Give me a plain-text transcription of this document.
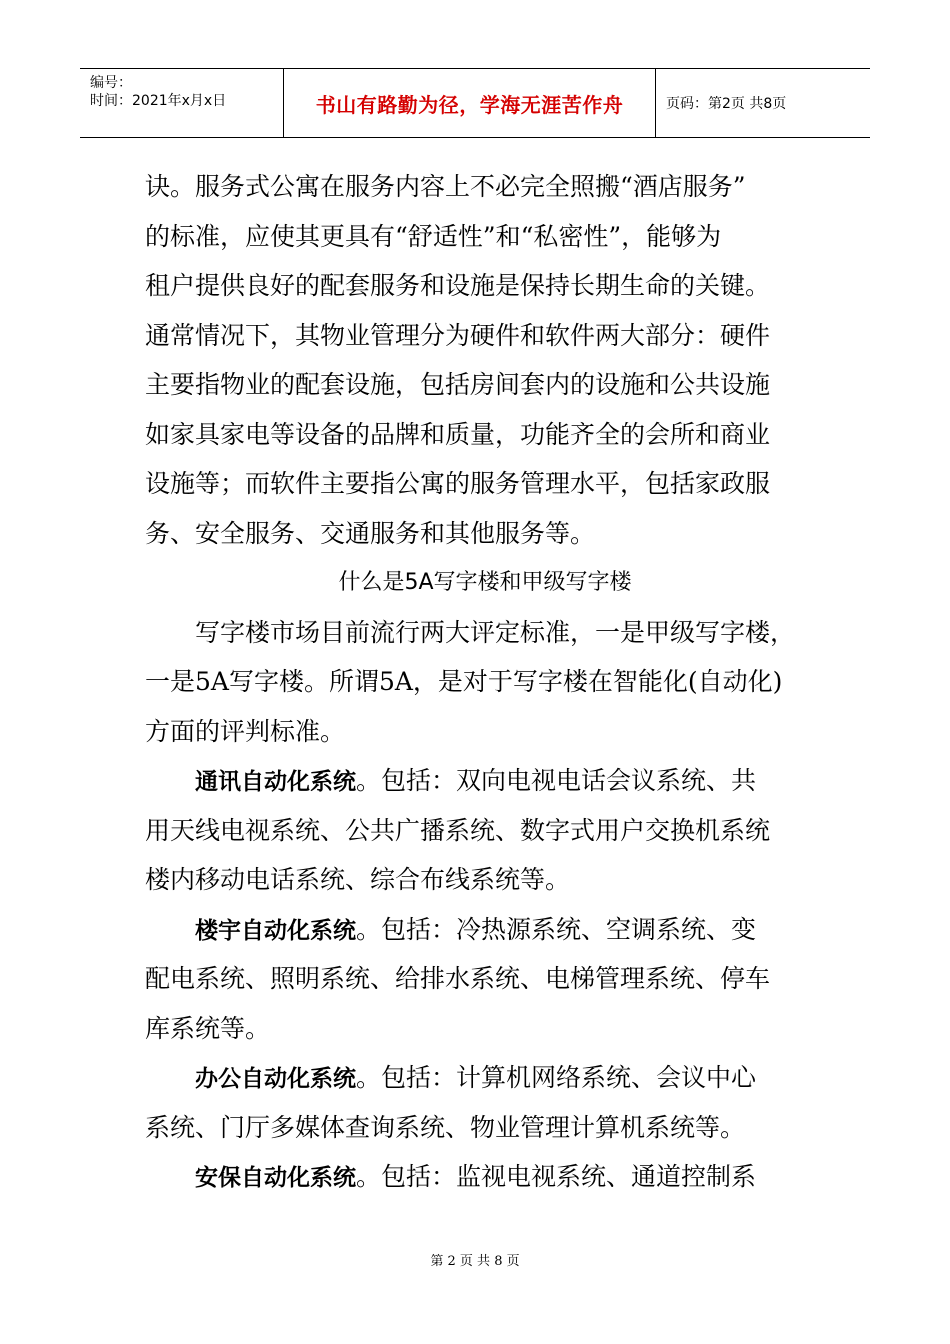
编号：
时间：2021年x月x日	书山有路勤为径，学海无涯苦作舟	页码：第2页 共8页
诀。服务式公寓在服务内容上不必完全照搬“酒店服务”
的标准，应使其更具有“舒适性”和“私密性”，能够为
租户提供良好的配套服务和设施是保持长期生命的关键。
通常情况下，其物业管理分为硬件和软件两大部分：硬件
主要指物业的配套设施，包括房间套内的设施和公共设施
如家具家电等设备的品牌和质量，功能齐全的会所和商业
设施等；而软件主要指公寓的服务管理水平，包括家政服
务、安全服务、交通服务和其他服务等。
什么是5A写字楼和甲级写字楼
写字楼市场目前流行两大评定标准，一是甲级写字楼，
一是5A写字楼。所谓5A，是对于写字楼在智能化(自动化)
方面的评判标准。
通讯自动化系统。包括：双向电视电话会议系统、共
用天线电视系统、公共广播系统、数字式用户交换机系统
楼内移动电话系统、综合布线系统等。
楼宇自动化系统。包括：冷热源系统、空调系统、变
配电系统、照明系统、给排水系统、电梯管理系统、停车
库系统等。
办公自动化系统。包括：计算机网络系统、会议中心
系统、门厅多媒体查询系统、物业管理计算机系统等。
安保自动化系统。包括：监视电视系统、通道控制系
第 2 页 共 8 页
